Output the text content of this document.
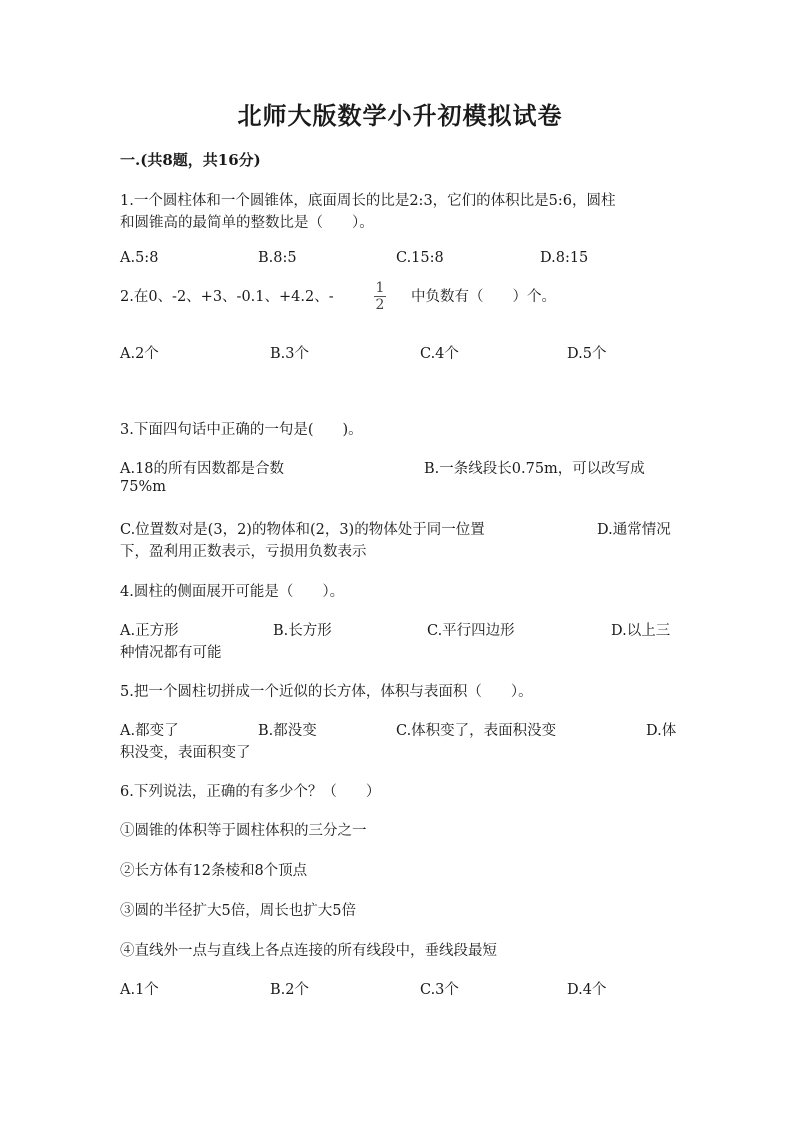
北师大版数学小升初模拟试卷
一.(共8题，共16分)
1.一个圆柱体和一个圆锥体，底面周长的比是2:3，它们的体积比是5:6，圆柱
和圆锥高的最简单的整数比是（　　）。
A.5:8	B.8:5	C.15:8	D.8:15
2.在0、-2、+3、-0.1、+4.2、-
1
2 中负数有（　　）个。
A.2个	B.3个	C.4个	D.5个
3.下面四句话中正确的一句是(　　)。
A.18的所有因数都是合数	B.一条线段长0.75m，可以改写成
75%m
C.位置数对是(3，2)的物体和(2，3)的物体处于同一位置	D.通常情况
下，盈利用正数表示，亏损用负数表示
4.圆柱的侧面展开可能是（　　）。
A.正方形	B.长方形	C.平行四边形	D.以上三
种情况都有可能
5.把一个圆柱切拼成一个近似的长方体，体积与表面积（　　）。
A.都变了	B.都没变	C.体积变了，表面积没变	D.体
积没变，表面积变了
6.下列说法，正确的有多少个？（　　）
①圆锥的体积等于圆柱体积的三分之一
②长方体有12条棱和8个顶点
③圆的半径扩大5倍，周长也扩大5倍
④直线外一点与直线上各点连接的所有线段中，垂线段最短
A.1个	B.2个	C.3个	D.4个
